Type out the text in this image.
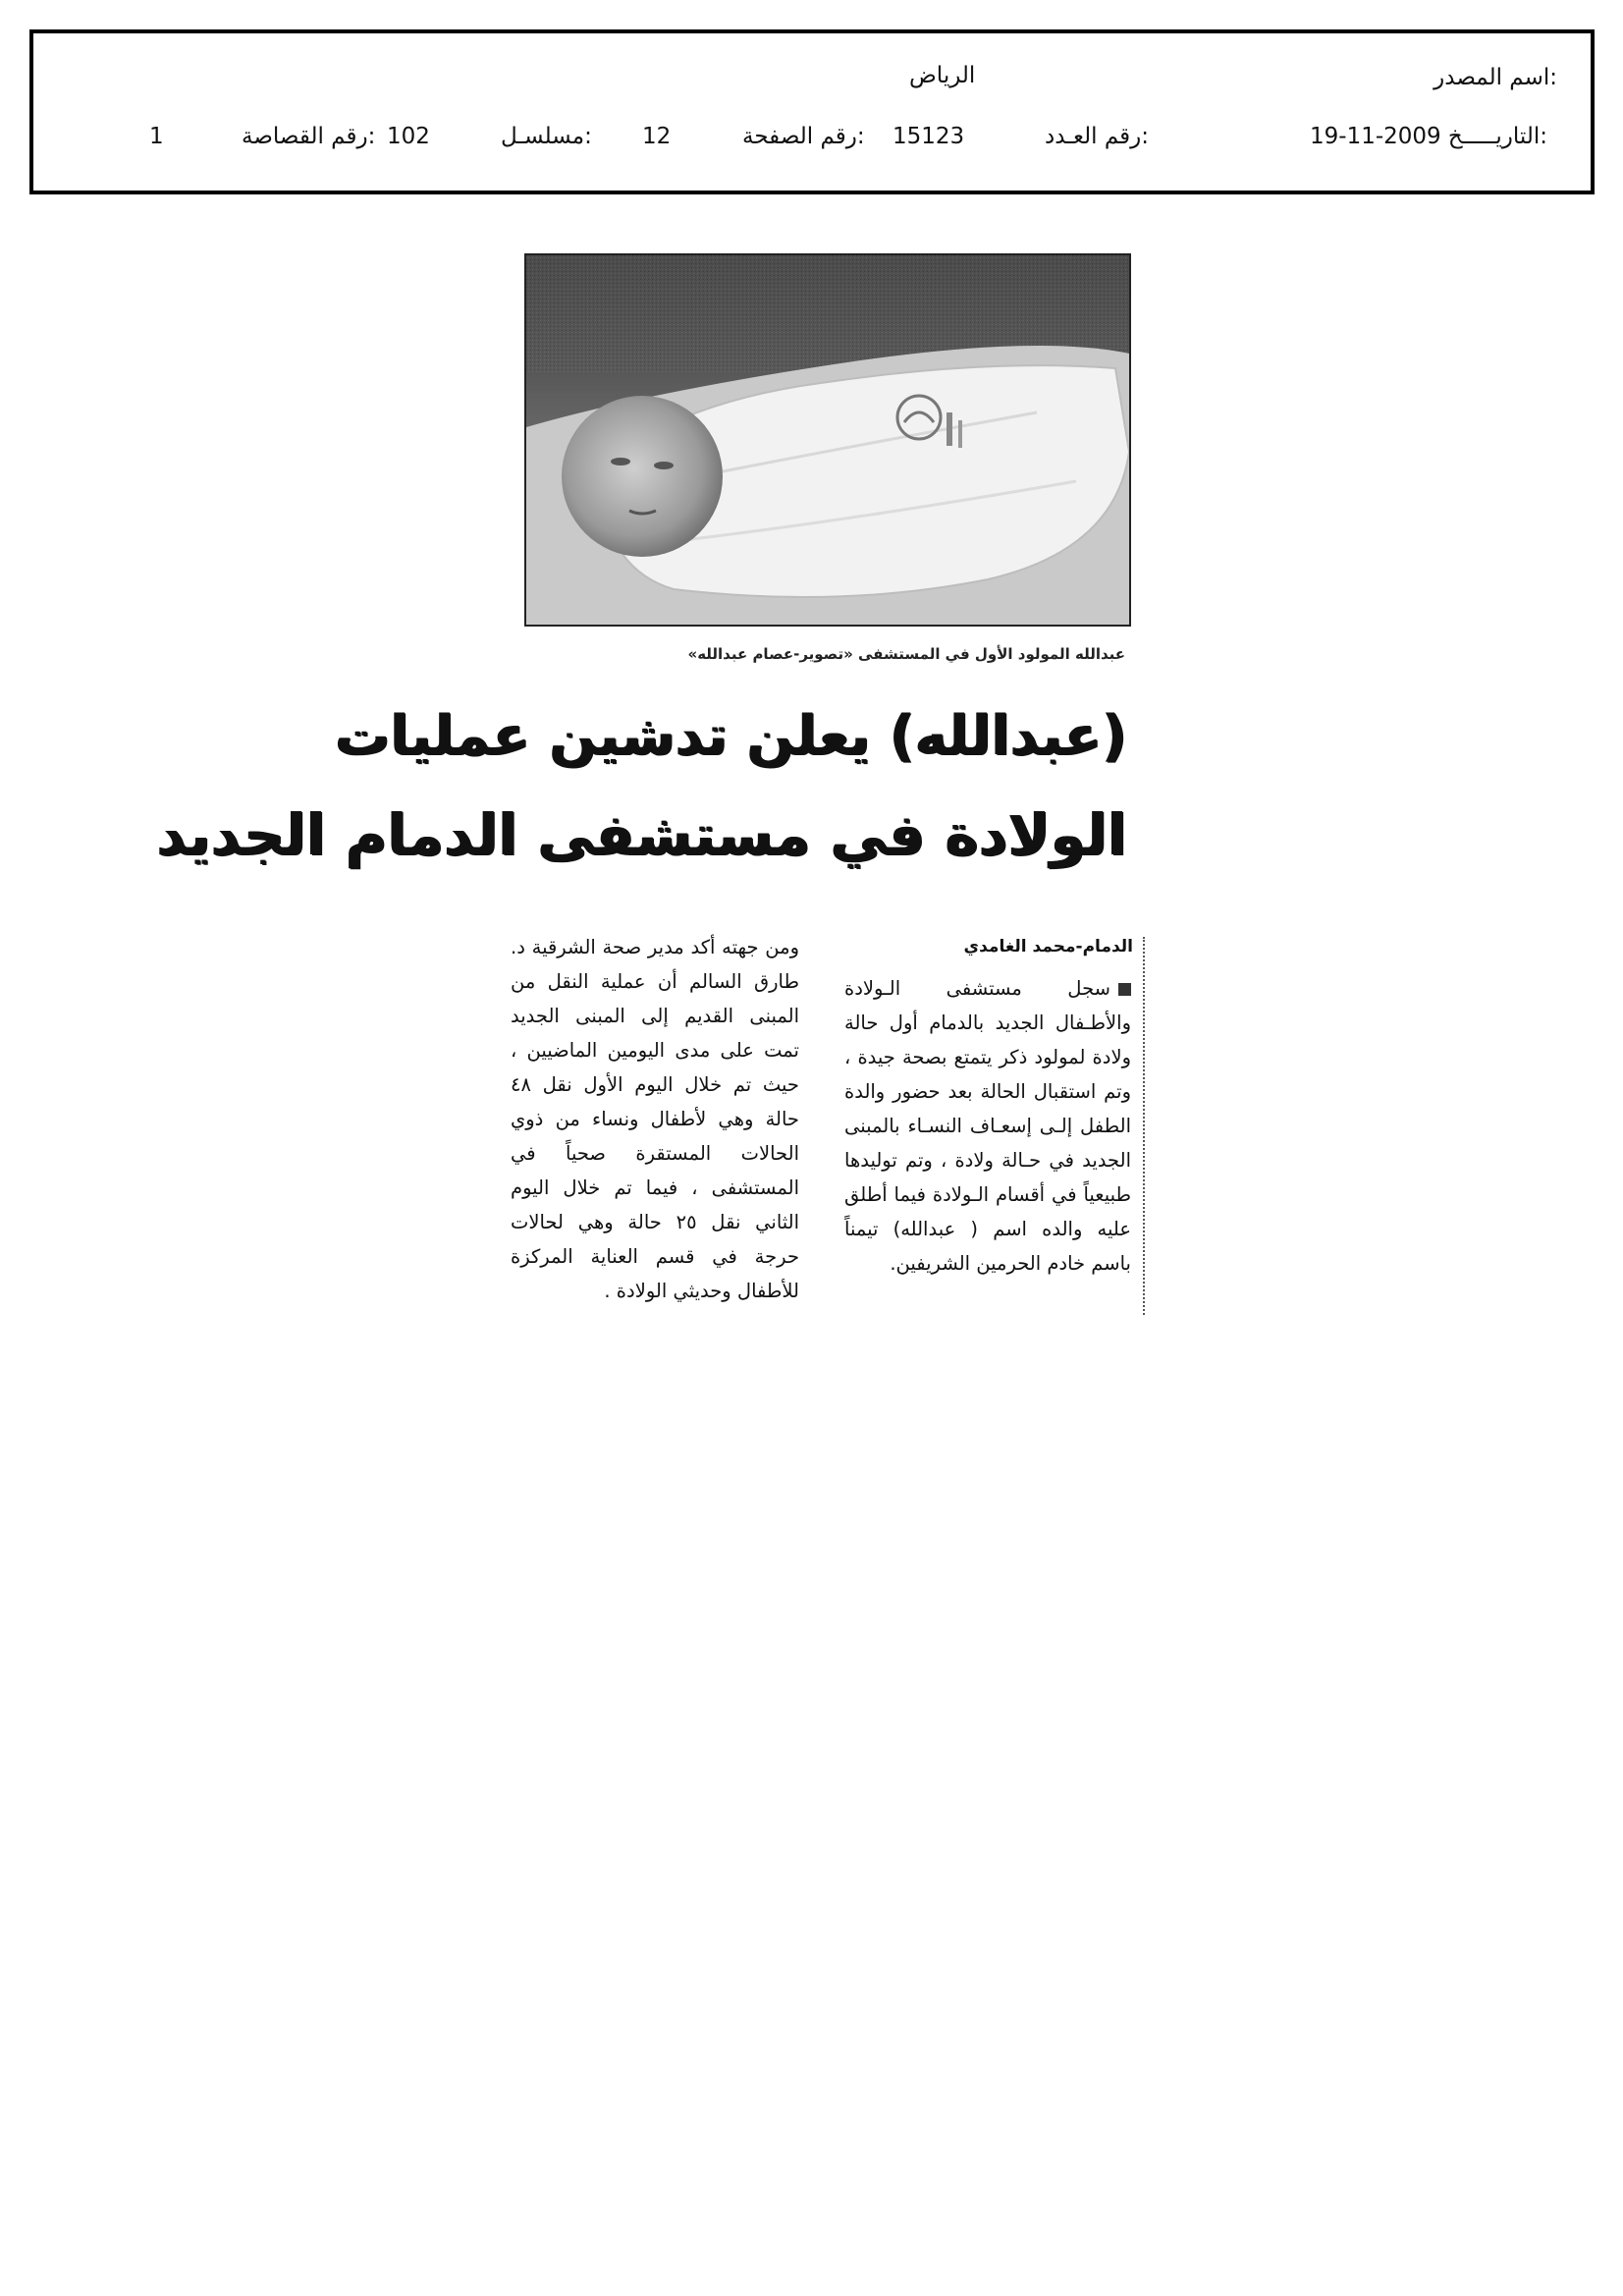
اسم المصدر:
الرياض
التاريـــــخ:
19-11-2009
رقم العـدد:
15123
رقم الصفحة:
12
مسلسـل:
102
رقم القصاصة:
1
عبدالله المولود الأول في المستشفى «تصوير-عصام عبدالله»
(عبدالله) يعلن تدشين عمليات
الولادة في مستشفى الدمام الجديد
الدمام-محمد الغامدي
سجل مستشفى الـولادة والأطـفال الجديد بالدمام أول حالة ولادة لمولود ذكر يتمتع بصحة جيدة ، وتم استقبال الحالة بعد حضور والدة الطفل إلـى إسعـاف النسـاء بالمبنى الجديد في حـالة ولادة ، وتم توليدها طبيعياً في أقسام الـولادة فيما أطلق عليه والده اسم ( عبدالله) تيمناً باسم خادم الحرمين الشريفين.
ومن جهته أكد مدير صحة الشرقية د. طارق السالم أن عملية النقل من المبنى القديم إلى المبنى الجديد تمت على مدى اليومين الماضيين ، حيث تم خلال اليوم الأول نقل ٤٨ حالة وهي لأطفال ونساء من ذوي الحالات المستقرة صحياً في المستشفى ، فيما تم خلال اليوم الثاني نقل ٢٥ حالة وهي لحالات حرجة في قسم العناية المركزة للأطفال وحديثي الولادة .
